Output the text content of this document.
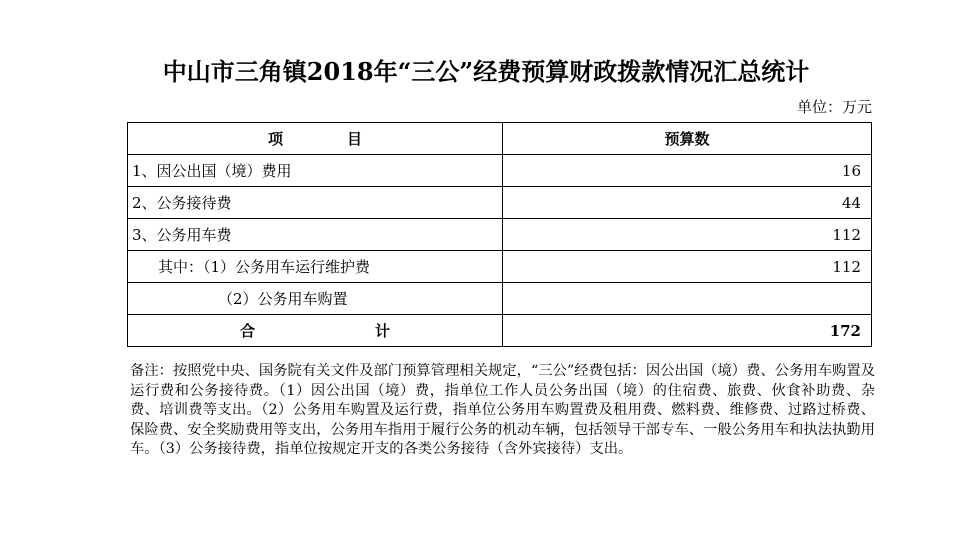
中山市三角镇2018年“三公”经费预算财政拨款情况汇总统计
单位：万元
项 目	预算数
1、因公出国（境）费用	16
2、公务接待费	44
3、公务用车费	112
其中：（1）公务用车运行维护费	112
（2）公务用车购置	
合 计	172
备注：按照党中央、国务院有关文件及部门预算管理相关规定，“三公”经费包括：因公出国（境）费、公务用车购置及运行费和公务接待费。（1）因公出国（境）费，指单位工作人员公务出国（境）的住宿费、旅费、伙食补助费、杂费、培训费等支出。（2）公务用车购置及运行费，指单位公务用车购置费及租用费、燃料费、维修费、过路过桥费、保险费、安全奖励费用等支出，公务用车指用于履行公务的机动车辆，包括领导干部专车、一般公务用车和执法执勤用车。（3）公务接待费，指单位按规定开支的各类公务接待（含外宾接待）支出。
